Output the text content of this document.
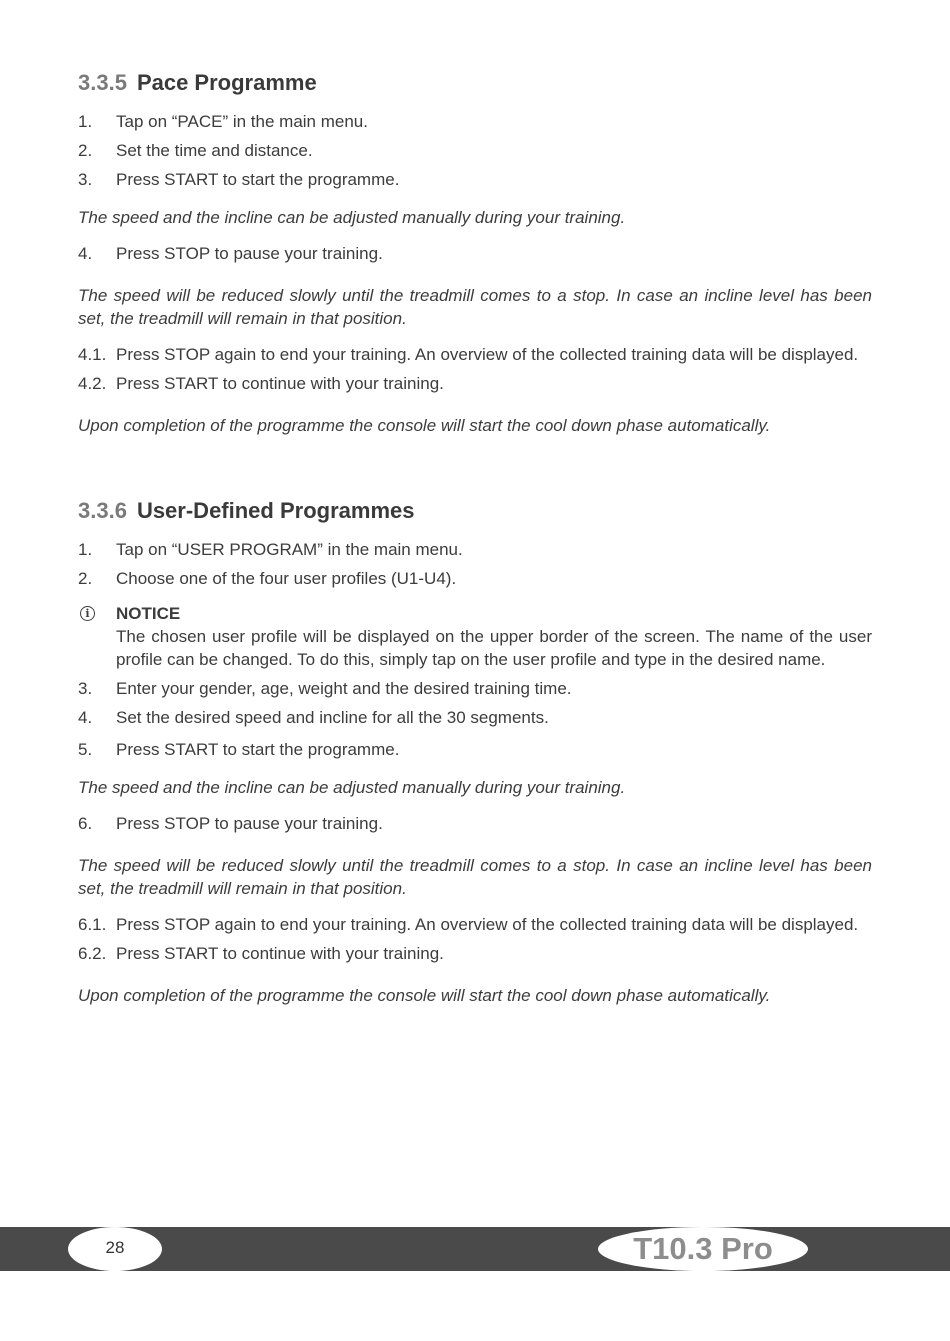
3.3.5 Pace Programme
1. Tap on “PACE” in the main menu.
2. Set the time and distance.
3. Press START to start the programme.
The speed and the incline can be adjusted manually during your training.
4. Press STOP to pause your training.
The speed will be reduced slowly until the treadmill comes to a stop. In case an incline level has been set, the treadmill will remain in that position.
4.1. Press STOP again to end your training. An overview of the collected training data will be displayed.
4.2. Press START to continue with your training.
Upon completion of the programme the console will start the cool down phase automatically.
3.3.6 User-Defined Programmes
1. Tap on “USER PROGRAM” in the main menu.
2. Choose one of the four user profiles (U1-U4).
i	NOTICE
The chosen user profile will be displayed on the upper border of the screen. The name of the user profile can be changed. To do this, simply tap on the user profile and type in the desired name.
3. Enter your gender, age, weight and the desired training time.
4. Set the desired speed and incline for all the 30 segments.
5. Press START to start the programme.
The speed and the incline can be adjusted manually during your training.
6. Press STOP to pause your training.
The speed will be reduced slowly until the treadmill comes to a stop. In case an incline level has been set, the treadmill will remain in that position.
6.1. Press STOP again to end your training. An overview of the collected training data will be displayed.
6.2. Press START to continue with your training.
Upon completion of the programme the console will start the cool down phase automatically.
28	T10.3 Pro
